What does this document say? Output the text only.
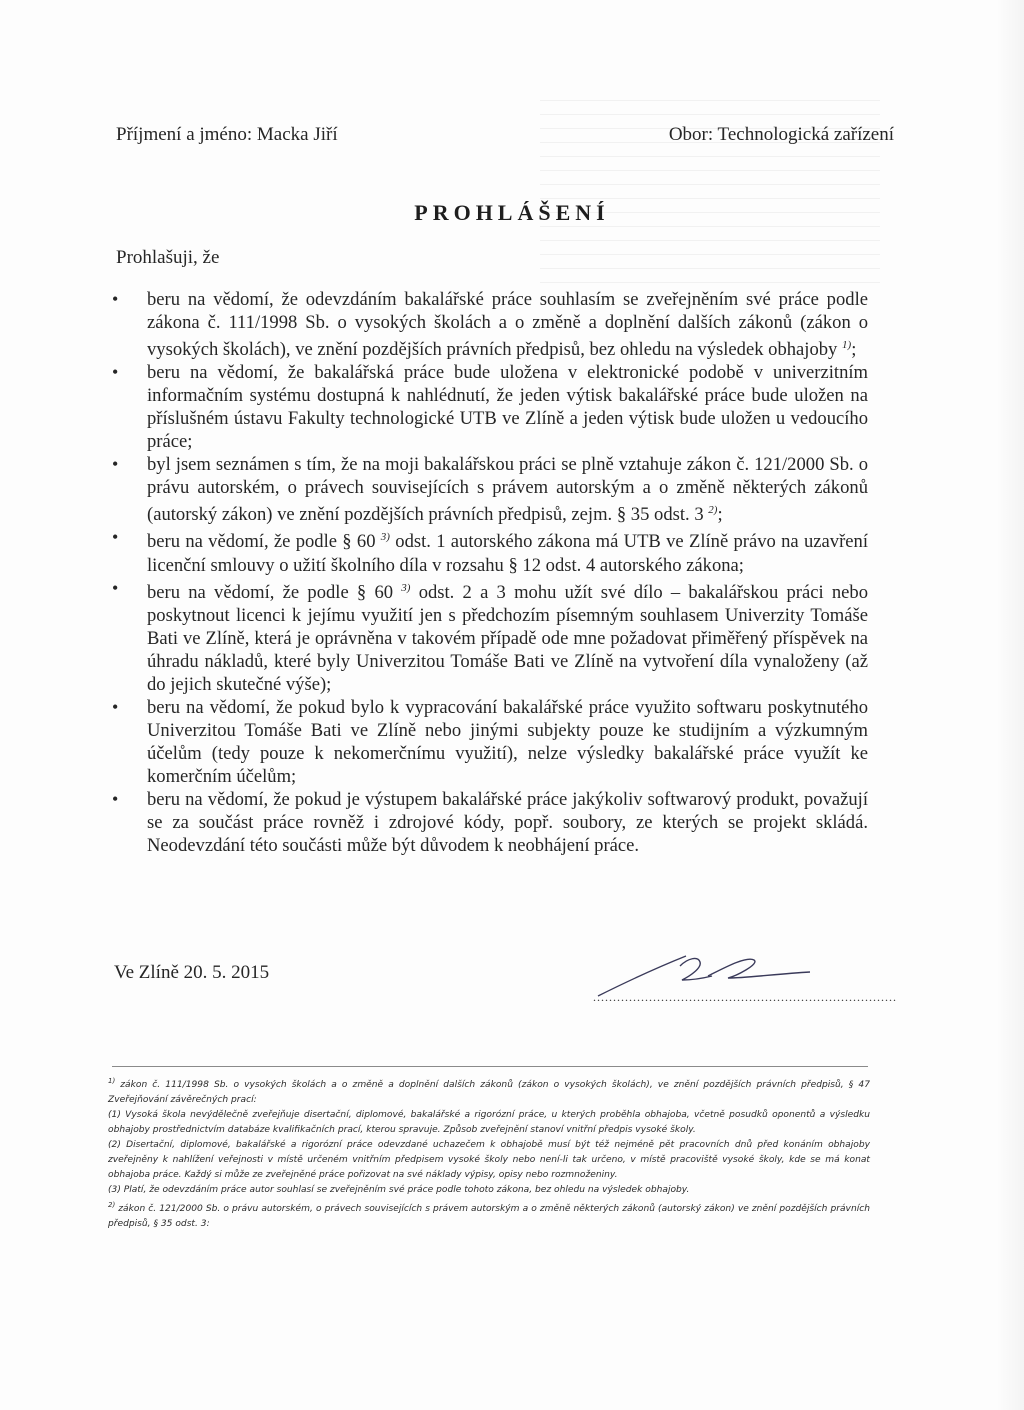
Příjmení a jméno: Macka Jiří	Obor: Technologická zařízení
PROHLÁŠENÍ
Prohlašuji, že
• beru na vědomí, že odevzdáním bakalářské práce souhlasím se zveřejněním své práce podle zákona č. 111/1998 Sb. o vysokých školách a o změně a doplnění dalších zákonů (zákon o vysokých školách), ve znění pozdějších právních předpisů, bez ohledu na výsledek obhajoby $^{1)}$;
• beru na vědomí, že bakalářská práce bude uložena v elektronické podobě v univerzitním informačním systému dostupná k nahlédnutí, že jeden výtisk bakalářské práce bude uložen na příslušném ústavu Fakulty technologické UTB ve Zlíně a jeden výtisk bude uložen u vedoucího práce;
• byl jsem seznámen s tím, že na moji bakalářskou práci se plně vztahuje zákon č. 121/2000 Sb. o právu autorském, o právech souvisejících s právem autorským a o změně některých zákonů (autorský zákon) ve znění pozdějších právních předpisů, zejm. § 35 odst. 3 $^{2)}$;
• beru na vědomí, že podle § 60 $^{3)}$ odst. 1 autorského zákona má UTB ve Zlíně právo na uzavření licenční smlouvy o užití školního díla v rozsahu § 12 odst. 4 autorského zákona;
• beru na vědomí, že podle § 60 $^{3)}$ odst. 2 a 3 mohu užít své dílo – bakalářskou práci nebo poskytnout licenci k jejímu využití jen s předchozím písemným souhlasem Univerzity Tomáše Bati ve Zlíně, která je oprávněna v takovém případě ode mne požadovat přiměřený příspěvek na úhradu nákladů, které byly Univerzitou Tomáše Bati ve Zlíně na vytvoření díla vynaloženy (až do jejich skutečné výše);
• beru na vědomí, že pokud bylo k vypracování bakalářské práce využito softwaru poskytnutého Univerzitou Tomáše Bati ve Zlíně nebo jinými subjekty pouze ke studijním a výzkumným účelům (tedy pouze k nekomerčnímu využití), nelze výsledky bakalářské práce využít ke komerčním účelům;
• beru na vědomí, že pokud je výstupem bakalářské práce jakýkoliv softwarový produkt, považují se za součást práce rovněž i zdrojové kódy, popř. soubory, ze kterých se projekt skládá. Neodevzdání této součásti může být důvodem k neobhájení práce.
Ve Zlíně 20. 5. 2015
............................................................................

$^{1)}$ zákon č. 111/1998 Sb. o vysokých školách a o změně a doplnění dalších zákonů (zákon o vysokých školách), ve znění pozdějších právních předpisů, § 47 Zveřejňování závěrečných prací:

(1) Vysoká škola nevýdělečně zveřejňuje disertační, diplomové, bakalářské a rigorózní práce, u kterých proběhla obhajoba, včetně posudků oponentů a výsledku obhajoby prostřednictvím databáze kvalifikačních prací, kterou spravuje. Způsob zveřejnění stanoví vnitřní předpis vysoké školy.

(2) Disertační, diplomové, bakalářské a rigorózní práce odevzdané uchazečem k obhajobě musí být též nejméně pět pracovních dnů před konáním obhajoby zveřejněny k nahlížení veřejnosti v místě určeném vnitřním předpisem vysoké školy nebo není-li tak určeno, v místě pracoviště vysoké školy, kde se má konat obhajoba práce. Každý si může ze zveřejněné práce pořizovat na své náklady výpisy, opisy nebo rozmnoženiny.

(3) Platí, že odevzdáním práce autor souhlasí se zveřejněním své práce podle tohoto zákona, bez ohledu na výsledek obhajoby.

$^{2)}$ zákon č. 121/2000 Sb. o právu autorském, o právech souvisejících s právem autorským a o změně některých zákonů (autorský zákon) ve znění pozdějších právních předpisů, § 35 odst. 3:
